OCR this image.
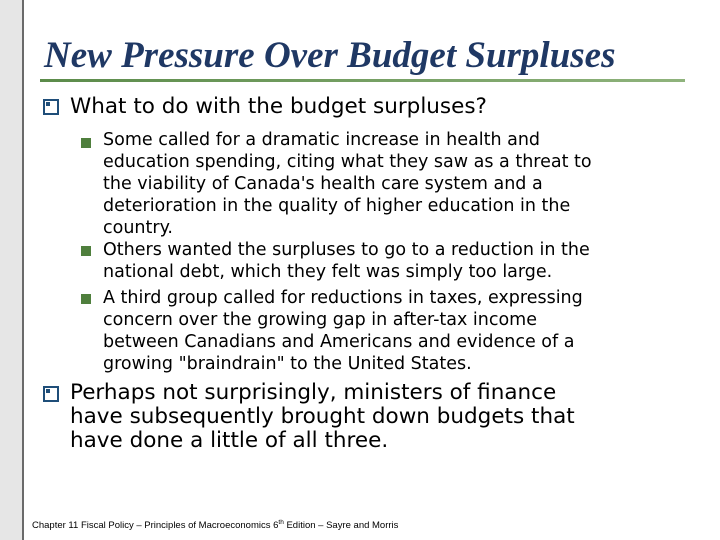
New Pressure Over Budget Surpluses
What to do with the budget surpluses?
Some called for a dramatic increase in health and
education spending, citing what they saw as a threat to
the viability of Canada's health care system and a
deterioration in the quality of higher education in the
country.
Others wanted the surpluses to go to a reduction in the
national debt, which they felt was simply too large.
A third group called for reductions in taxes, expressing
concern over the growing gap in after-tax income
between Canadians and Americans and evidence of a
growing "braindrain" to the United States.
Perhaps not surprisingly, ministers of finance
have subsequently brought down budgets that
have done a little of all three.
Chapter 11 Fiscal Policy – Principles of Macroeconomics 6th Edition – Sayre and Morris
